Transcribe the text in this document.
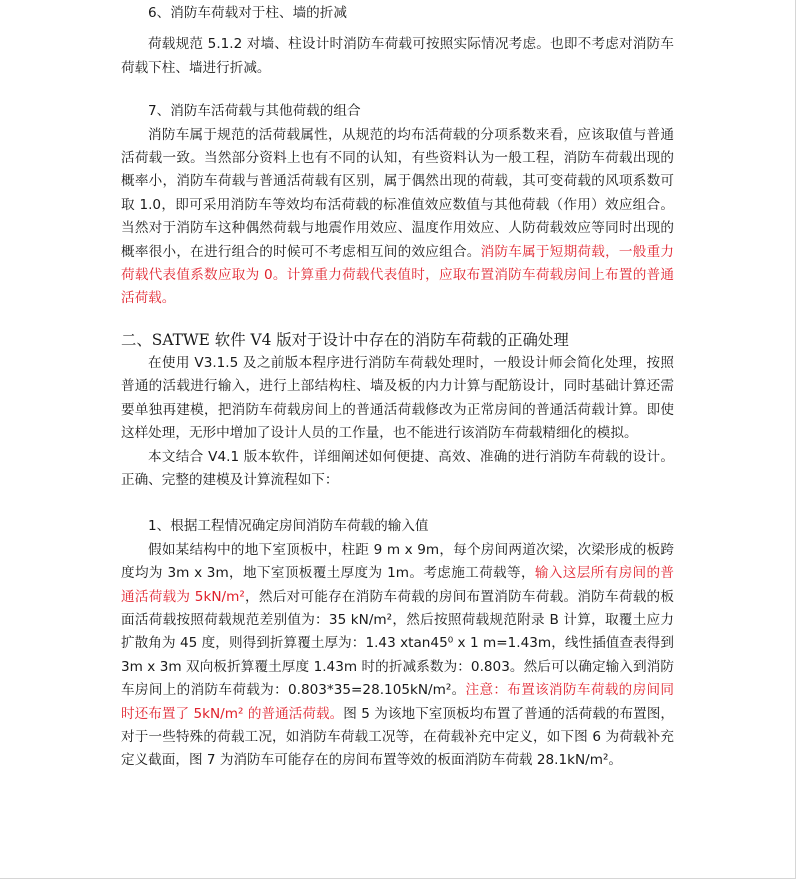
6、消防车荷载对于柱、墙的折减

荷载规范 5.1.2 对墙、柱设计时消防车荷载可按照实际情况考虑。也即不考虑对消防车荷载下柱、墙进行折减。

7、消防车活荷载与其他荷载的组合

消防车属于规范的活荷载属性，从规范的均布活荷载的分项系数来看，应该取值与普通活荷载一致。当然部分资料上也有不同的认知，有些资料认为一般工程，消防车荷载出现的概率小，消防车荷载与普通活荷载有区别，属于偶然出现的荷载，其可变荷载的风项系数可取 1.0，即可采用消防车等效均布活荷载的标准值效应数值与其他荷载（作用）效应组合。当然对于消防车这种偶然荷载与地震作用效应、温度作用效应、人防荷载效应等同时出现的概率很小，在进行组合的时候可不考虑相互间的效应组合。消防车属于短期荷载，一般重力荷载代表值系数应取为 0。计算重力荷载代表值时，应取布置消防车荷载房间上布置的普通活荷载。

二、SATWE 软件 V4 版对于设计中存在的消防车荷载的正确处理

在使用 V3.1.5 及之前版本程序进行消防车荷载处理时，一般设计师会简化处理，按照普通的活载进行输入，进行上部结构柱、墙及板的内力计算与配筋设计，同时基础计算还需要单独再建模，把消防车荷载房间上的普通活荷载修改为正常房间的普通活荷载计算。即使这样处理，无形中增加了设计人员的工作量，也不能进行该消防车荷载精细化的模拟。

本文结合 V4.1 版本软件，详细阐述如何便捷、高效、准确的进行消防车荷载的设计。正确、完整的建模及计算流程如下：

1、根据工程情况确定房间消防车荷载的输入值

假如某结构中的地下室顶板中，柱距 9 m x 9m，每个房间两道次梁，次梁形成的板跨度均为 3m x 3m，地下室顶板覆土厚度为 1m。考虑施工荷载等，输入这层所有房间的普通活荷载为 5kN/m²，然后对可能存在消防车荷载的房间布置消防车荷载。消防车荷载的板面活荷载按照荷载规范差别值为：35 kN/m²，然后按照荷载规范附录 B 计算，取覆土应力扩散角为 45 度，则得到折算覆土厚为：1.43 xtan45⁰ x 1 m=1.43m，线性插值查表得到 3m x 3m 双向板折算覆土厚度 1.43m 时的折减系数为：0.803。然后可以确定输入到消防车房间上的消防车荷载为：0.803*35=28.105kN/m²。注意：布置该消防车荷载的房间同时还布置了 5kN/m² 的普通活荷载。图 5 为该地下室顶板均布置了普通的活荷载的布置图，对于一些特殊的荷载工况，如消防车荷载工况等，在荷载补充中定义，如下图 6 为荷载补充定义截面，图 7 为消防车可能存在的房间布置等效的板面消防车荷载 28.1kN/m²。
